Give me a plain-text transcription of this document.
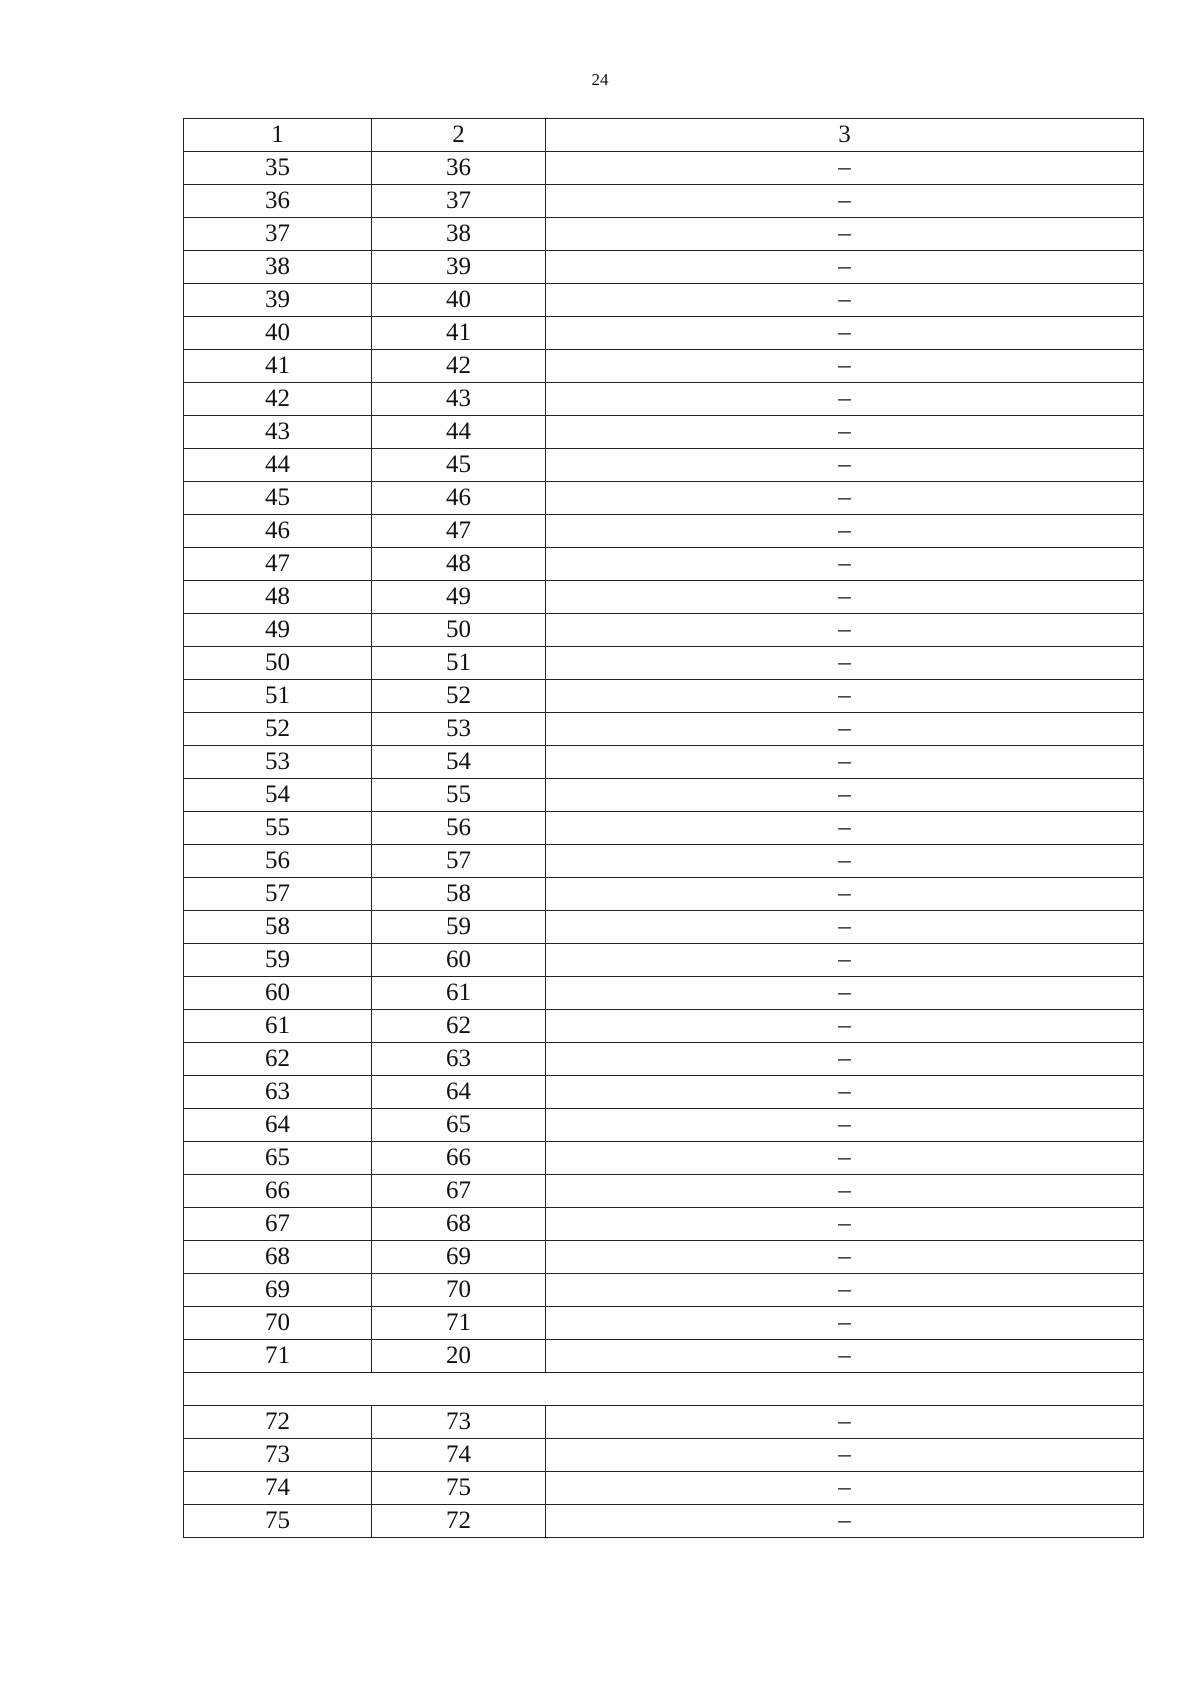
24
1	2	3
35	36	–
36	37	–
37	38	–
38	39	–
39	40	–
40	41	–
41	42	–
42	43	–
43	44	–
44	45	–
45	46	–
46	47	–
47	48	–
48	49	–
49	50	–
50	51	–
51	52	–
52	53	–
53	54	–
54	55	–
55	56	–
56	57	–
57	58	–
58	59	–
59	60	–
60	61	–
61	62	–
62	63	–
63	64	–
64	65	–
65	66	–
66	67	–
67	68	–
68	69	–
69	70	–
70	71	–
71	20	–

72	73	–
73	74	–
74	75	–
75	72	–
